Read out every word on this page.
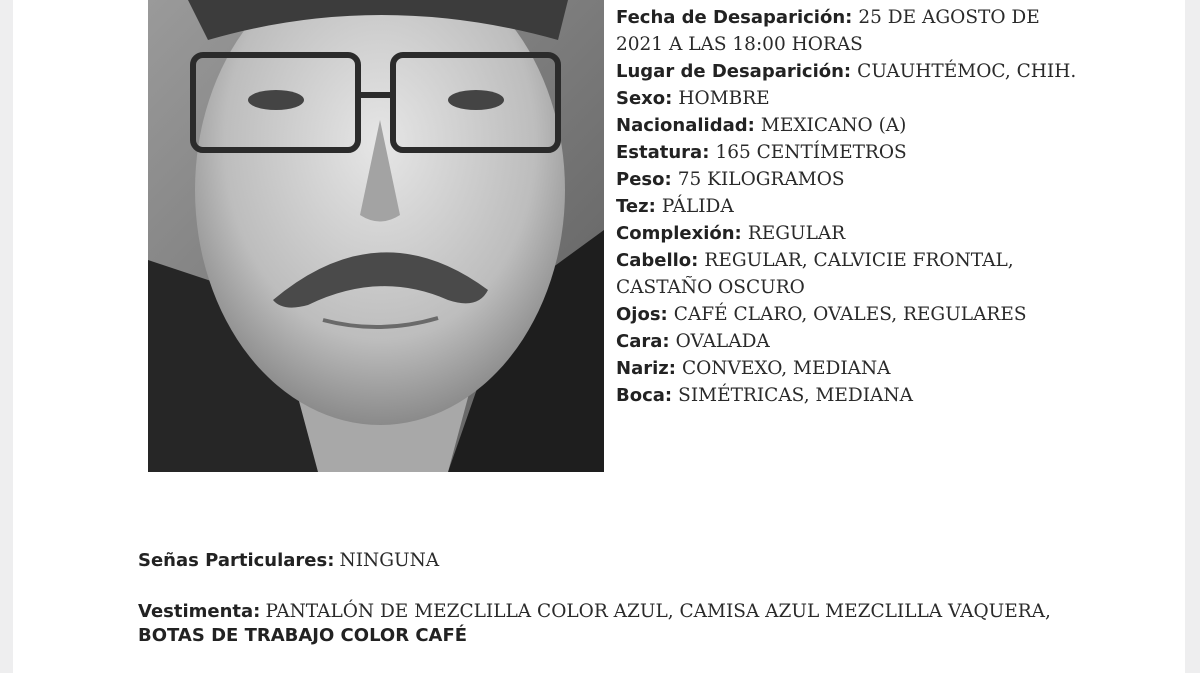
Fecha de Desaparición: 25 DE AGOSTO DE 2021 A LAS 18:00 HORAS
Lugar de Desaparición: CUAUHTÉMOC, CHIH.
Sexo: HOMBRE
Nacionalidad: MEXICANO (A)
Estatura: 165 CENTÍMETROS
Peso: 75 KILOGRAMOS
Tez: PÁLIDA
Complexión: REGULAR
Cabello: REGULAR, CALVICIE FRONTAL, CASTAÑO OSCURO
Ojos: CAFÉ CLARO, OVALES, REGULARES
Cara: OVALADA
Nariz: CONVEXO, MEDIANA
Boca: SIMÉTRICAS, MEDIANA
Señas Particulares: NINGUNA
Vestimenta: PANTALÓN DE MEZCLILLA COLOR AZUL, CAMISA AZUL MEZCLILLA VAQUERA, BOTAS DE TRABAJO COLOR CAFÉ
